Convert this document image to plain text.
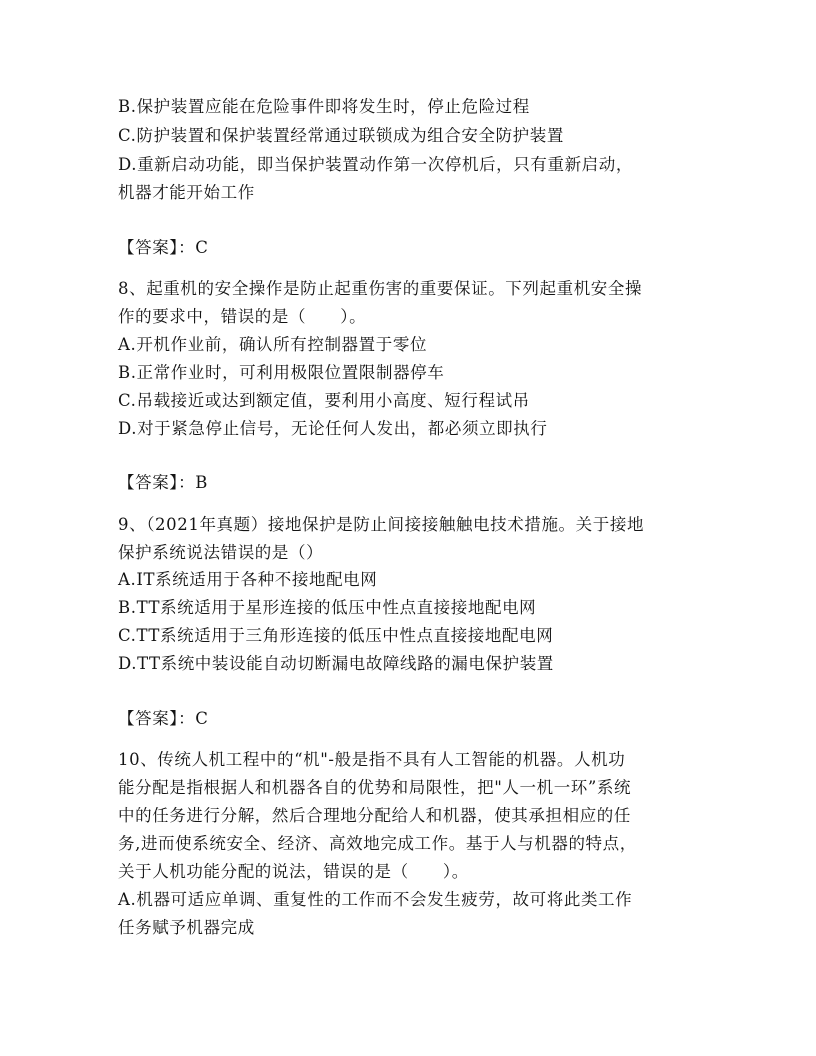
B.保护装置应能在危险事件即将发生时，停止危险过程
C.防护装置和保护装置经常通过联锁成为组合安全防护装置
D.重新启动功能，即当保护装置动作第一次停机后，只有重新启动，
机器才能开始工作
【答案】：C
8、起重机的安全操作是防止起重伤害的重要保证。下列起重机安全操
作的要求中，错误的是（　　）。
A.开机作业前，确认所有控制器置于零位
B.正常作业时，可利用极限位置限制器停车
C.吊载接近或达到额定值，要利用小高度、短行程试吊
D.对于紧急停止信号，无论任何人发出，都必须立即执行
【答案】：B
9、（2021年真题）接地保护是防止间接接触触电技术措施。关于接地
保护系统说法错误的是（）
A.IT系统适用于各种不接地配电网
B.TT系统适用于星形连接的低压中性点直接接地配电网
C.TT系统适用于三角形连接的低压中性点直接接地配电网
D.TT系统中装设能自动切断漏电故障线路的漏电保护装置
【答案】：C
10、传统人机工程中的“机"-般是指不具有人工智能的机器。人机功
能分配是指根据人和机器各自的优势和局限性，把"人一机一环”系统
中的任务进行分解，然后合理地分配给人和机器，使其承担相应的任
务,进而使系统安全、经济、高效地完成工作。基于人与机器的特点，
关于人机功能分配的说法，错误的是（　　）。
A.机器可适应单调、重复性的工作而不会发生疲劳，故可将此类工作
任务赋予机器完成
